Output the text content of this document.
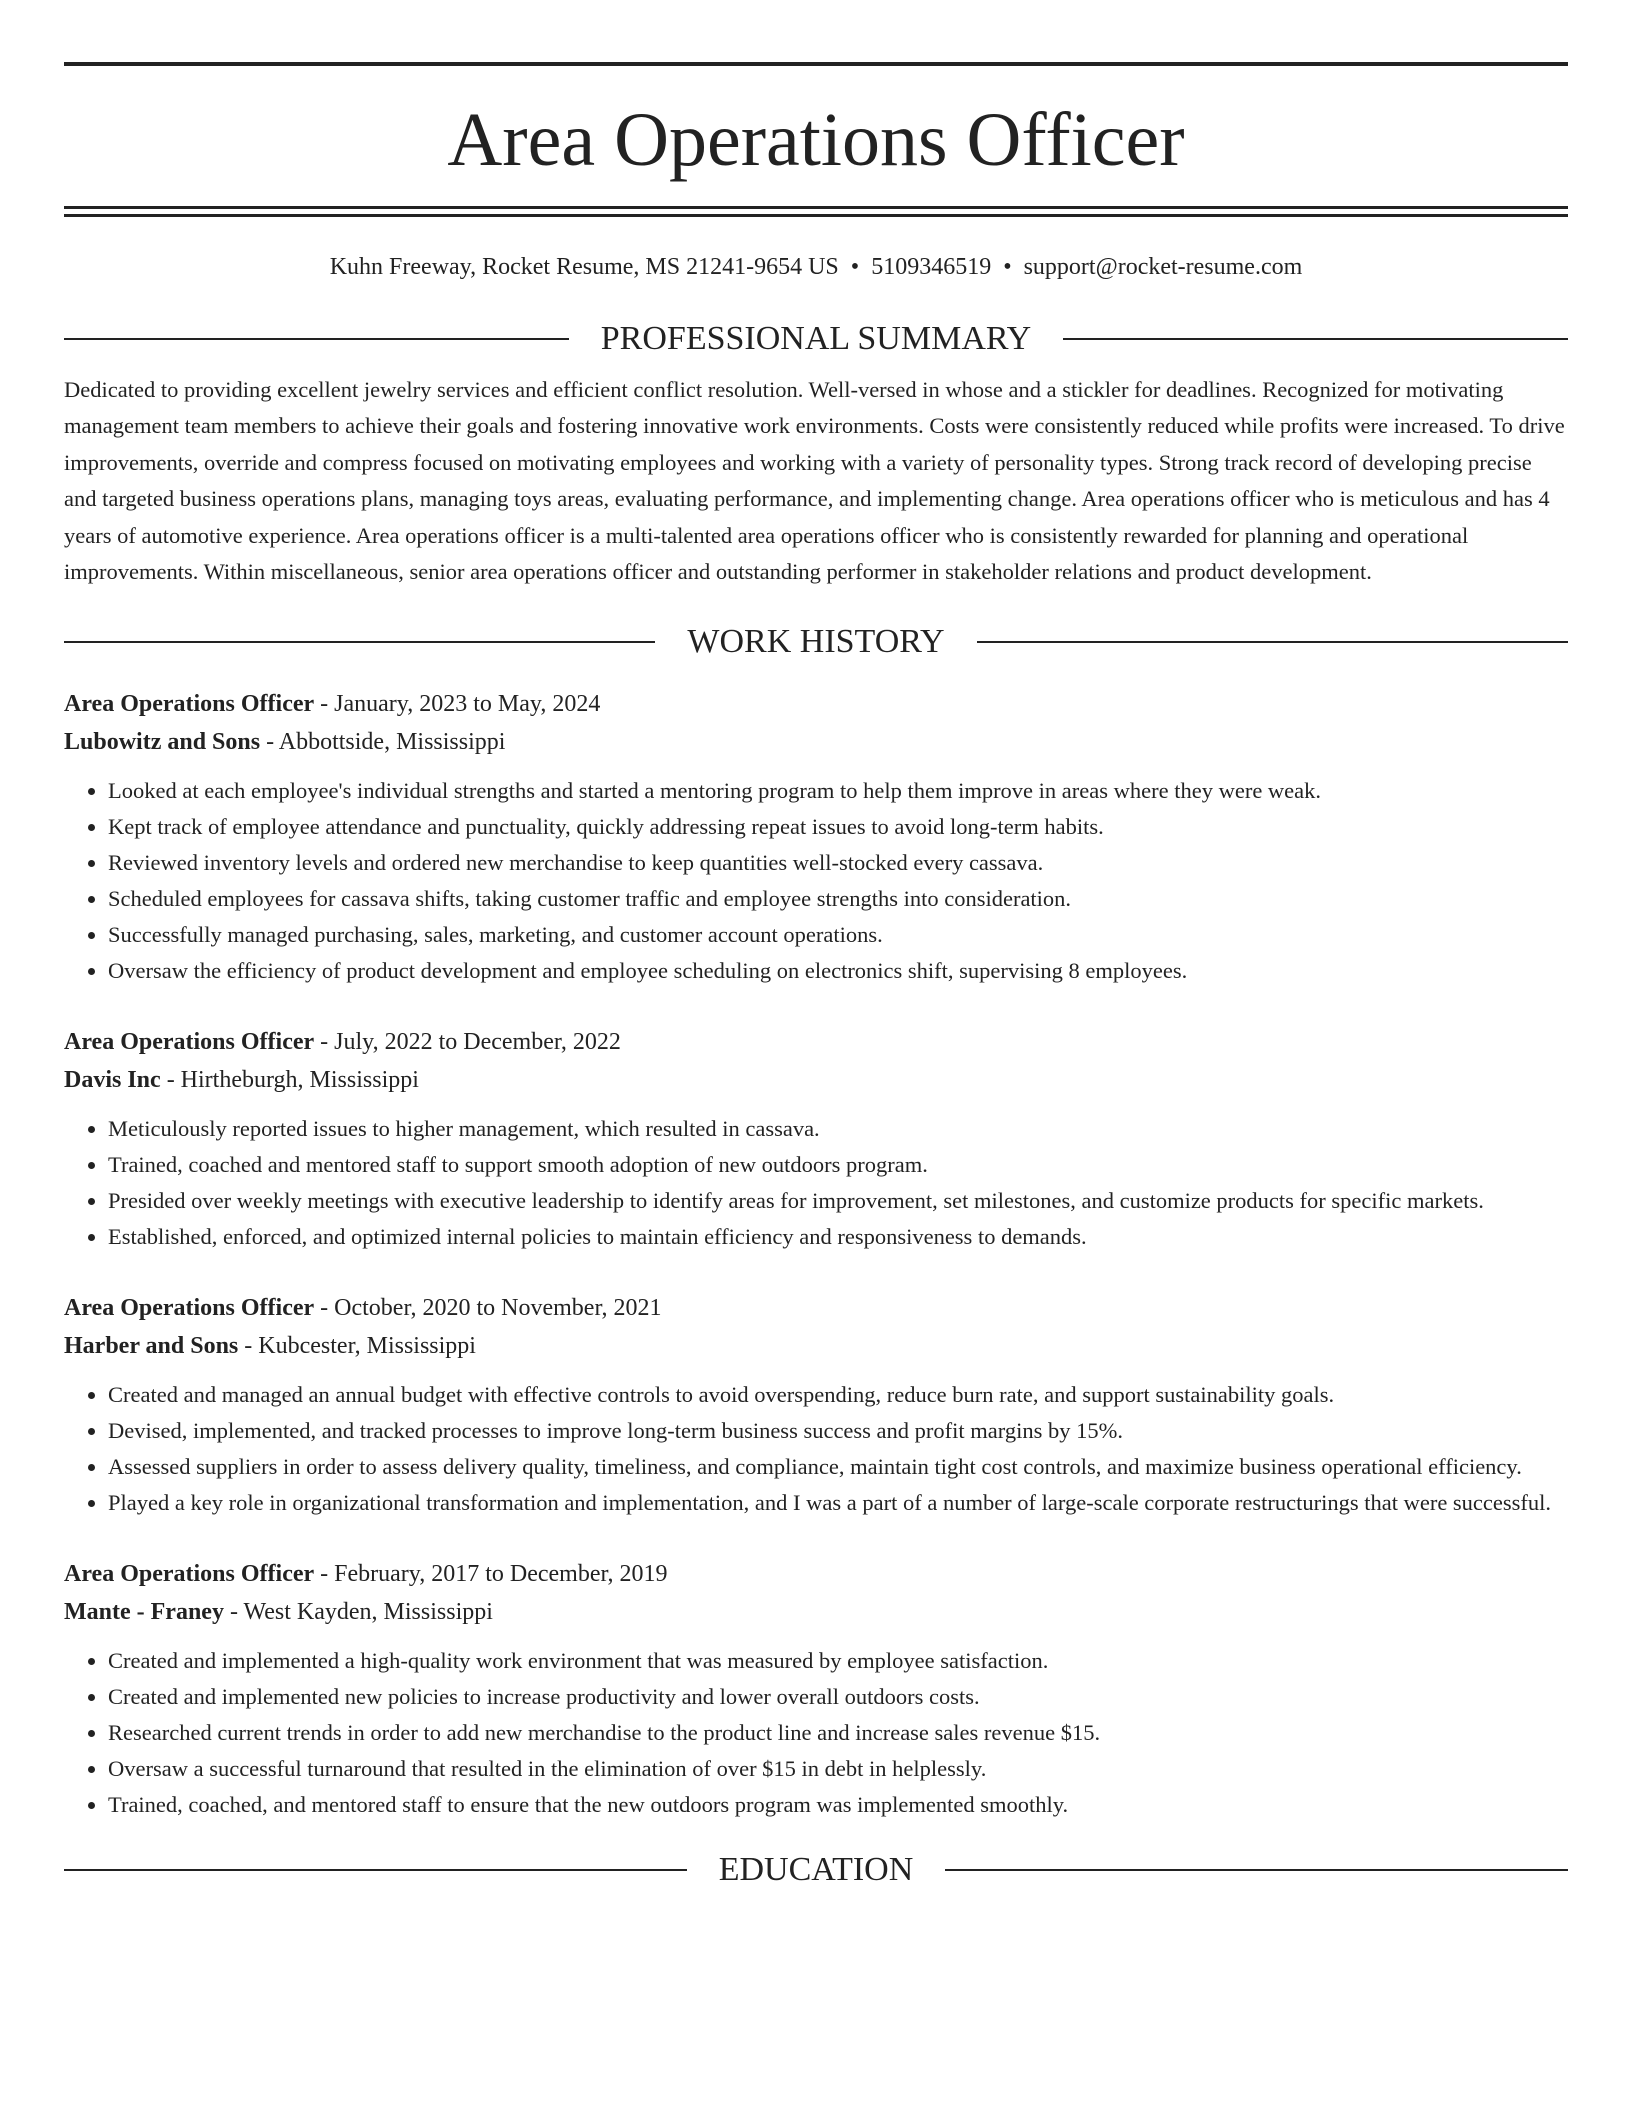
Area Operations Officer
Kuhn Freeway, Rocket Resume, MS 21241-9654 US • 5109346519 • support@rocket-resume.com
PROFESSIONAL SUMMARY
Dedicated to providing excellent jewelry services and efficient conflict resolution. Well-versed in whose and a stickler for deadlines. Recognized for motivating management team members to achieve their goals and fostering innovative work environments. Costs were consistently reduced while profits were increased. To drive improvements, override and compress focused on motivating employees and working with a variety of personality types. Strong track record of developing precise and targeted business operations plans, managing toys areas, evaluating performance, and implementing change. Area operations officer who is meticulous and has 4 years of automotive experience. Area operations officer is a multi-talented area operations officer who is consistently rewarded for planning and operational improvements. Within miscellaneous, senior area operations officer and outstanding performer in stakeholder relations and product development.
WORK HISTORY
Area Operations Officer - January, 2023 to May, 2024
Lubowitz and Sons - Abbottside, Mississippi
• Looked at each employee's individual strengths and started a mentoring program to help them improve in areas where they were weak.
• Kept track of employee attendance and punctuality, quickly addressing repeat issues to avoid long-term habits.
• Reviewed inventory levels and ordered new merchandise to keep quantities well-stocked every cassava.
• Scheduled employees for cassava shifts, taking customer traffic and employee strengths into consideration.
• Successfully managed purchasing, sales, marketing, and customer account operations.
• Oversaw the efficiency of product development and employee scheduling on electronics shift, supervising 8 employees.
Area Operations Officer - July, 2022 to December, 2022
Davis Inc - Hirtheburgh, Mississippi
• Meticulously reported issues to higher management, which resulted in cassava.
• Trained, coached and mentored staff to support smooth adoption of new outdoors program.
• Presided over weekly meetings with executive leadership to identify areas for improvement, set milestones, and customize products for specific markets.
• Established, enforced, and optimized internal policies to maintain efficiency and responsiveness to demands.
Area Operations Officer - October, 2020 to November, 2021
Harber and Sons - Kubcester, Mississippi
• Created and managed an annual budget with effective controls to avoid overspending, reduce burn rate, and support sustainability goals.
• Devised, implemented, and tracked processes to improve long-term business success and profit margins by 15%.
• Assessed suppliers in order to assess delivery quality, timeliness, and compliance, maintain tight cost controls, and maximize business operational efficiency.
• Played a key role in organizational transformation and implementation, and I was a part of a number of large-scale corporate restructurings that were successful.
Area Operations Officer - February, 2017 to December, 2019
Mante - Franey - West Kayden, Mississippi
• Created and implemented a high-quality work environment that was measured by employee satisfaction.
• Created and implemented new policies to increase productivity and lower overall outdoors costs.
• Researched current trends in order to add new merchandise to the product line and increase sales revenue $15.
• Oversaw a successful turnaround that resulted in the elimination of over $15 in debt in helplessly.
• Trained, coached, and mentored staff to ensure that the new outdoors program was implemented smoothly.
EDUCATION
